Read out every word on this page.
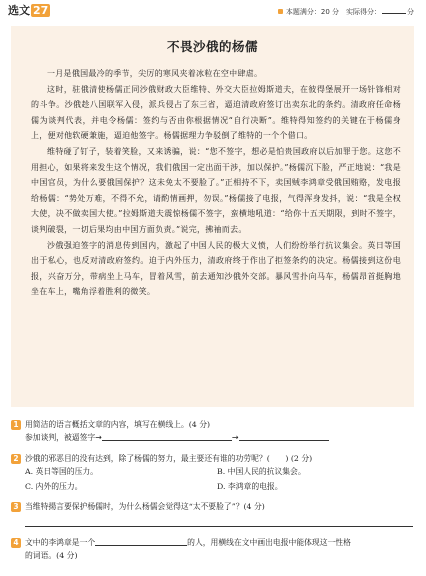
选文 27	本题满分：20 分　实际得分：	分
不畏沙俄的杨儒

一月是俄国最冷的季节，尖厉的寒风夹着冰粒在空中肆虐。

这时，驻俄清使杨儒正同沙俄财政大臣维特、外交大臣拉姆斯道夫，在彼得堡展开一场针锋相对的斗争。沙俄趁八国联军入侵，派兵侵占了东三省，逼迫清政府签订出卖东北的条约。清政府任命杨儒为谈判代表，并电令杨儒：签约与否由你根据情况“自行决断”。维特得知签约的关键在于杨儒身上，便对他软硬兼施，逼迫他签字。杨儒据理力争驳倒了维特的一个个借口。

维特碰了钉子，装着笑脸，又来诱骗，说：“您不签字，想必是怕贵国政府以后加罪于您。这您不用担心，如果将来发生这个情况，我们俄国一定出面干涉，加以保护。”杨儒沉下脸，严正地说：“我是中国官员，为什么要俄国保护？这未免太不要脸了。”正相持不下，卖国贼李鸿章受俄国贿赂，发电报给杨儒：“势处万难，不得不允，请酌情画押，勿误。”杨儒接了电报，气得浑身发抖，说：“我是全权大使，决不做卖国大使。”拉姆斯道夫震惊杨儒不签字，蛮横地吼道：“给你十五天期限，到时不签字，谈判破裂，一切后果均由中国方面负责。”说完，拂袖而去。

沙俄强迫签字的消息传到国内，激起了中国人民的极大义愤，人们纷纷举行抗议集会。英日等国出于私心，也反对清政府签约。迫于内外压力，清政府终于作出了拒签条约的决定。杨儒接到这份电报，兴奋万分，带病坐上马车，冒着风雪，前去通知沙俄外交部。暴风雪扑向马车，杨儒昂首挺胸地坐在车上，嘴角浮着胜利的微笑。

1 用简洁的语言概括文章的内容，填写在横线上。(4 分)
参加谈判，被逼签字→	→
2 沙俄的邪恶目的没有达到，除了杨儒的努力，最主要还有谁的功劳呢？(　　) (2 分)
A. 英日等国的压力。	B. 中国人民的抗议集会。
C. 内外的压力。	D. 李鸿章的电报。
3 当维特揚言要保护杨儒时，为什么杨儒会觉得这“太不要脸了”？(4 分)
4 文中的李鸿章是一个	的人，用横线在文中画出电报中能体现这一性格
的词语。(4 分)
